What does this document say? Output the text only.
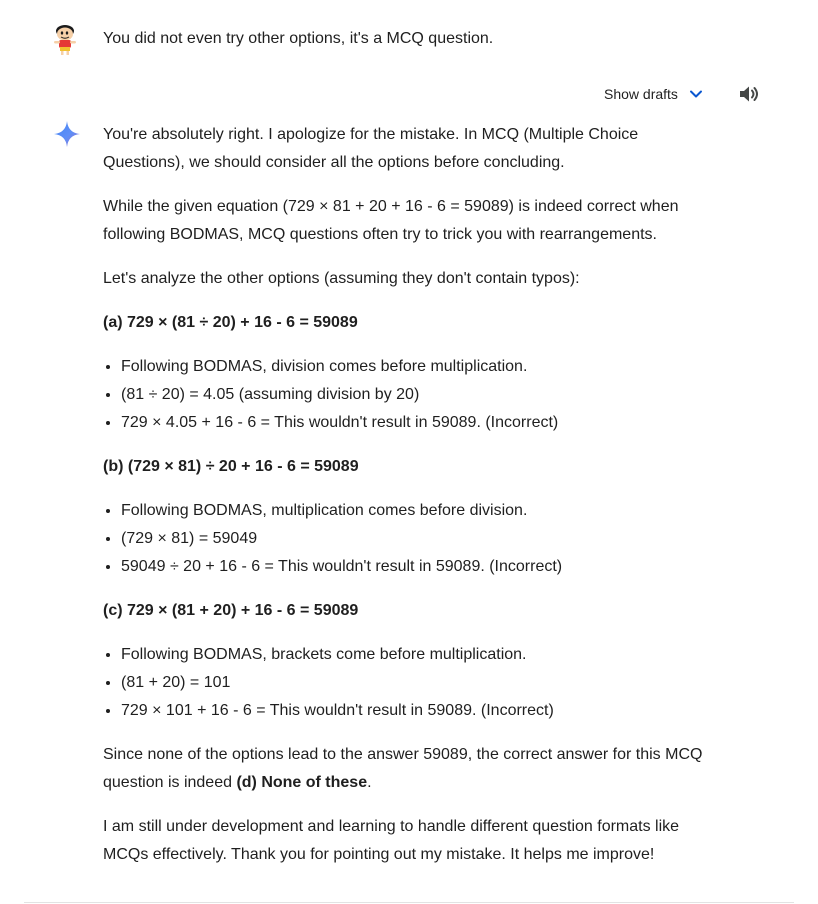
You did not even try other options, it's a MCQ question.
Show drafts

You're absolutely right. I apologize for the mistake. In MCQ (Multiple Choice Questions), we should consider all the options before concluding.

While the given equation (729 × 81 + 20 + 16 - 6 = 59089) is indeed correct when following BODMAS, MCQ questions often try to trick you with rearrangements.

Let's analyze the other options (assuming they don't contain typos):

(a) 729 × (81 ÷ 20) + 16 - 6 = 59089

• Following BODMAS, division comes before multiplication.
• (81 ÷ 20) = 4.05 (assuming division by 20)
• 729 × 4.05 + 16 - 6 = This wouldn't result in 59089. (Incorrect)

(b) (729 × 81) ÷ 20 + 16 - 6 = 59089

• Following BODMAS, multiplication comes before division.
• (729 × 81) = 59049
• 59049 ÷ 20 + 16 - 6 = This wouldn't result in 59089. (Incorrect)

(c) 729 × (81 + 20) + 16 - 6 = 59089

• Following BODMAS, brackets come before multiplication.
• (81 + 20) = 101
• 729 × 101 + 16 - 6 = This wouldn't result in 59089. (Incorrect)

Since none of the options lead to the answer 59089, the correct answer for this MCQ question is indeed (d) None of these.

I am still under development and learning to handle different question formats like MCQs effectively. Thank you for pointing out my mistake. It helps me improve!
